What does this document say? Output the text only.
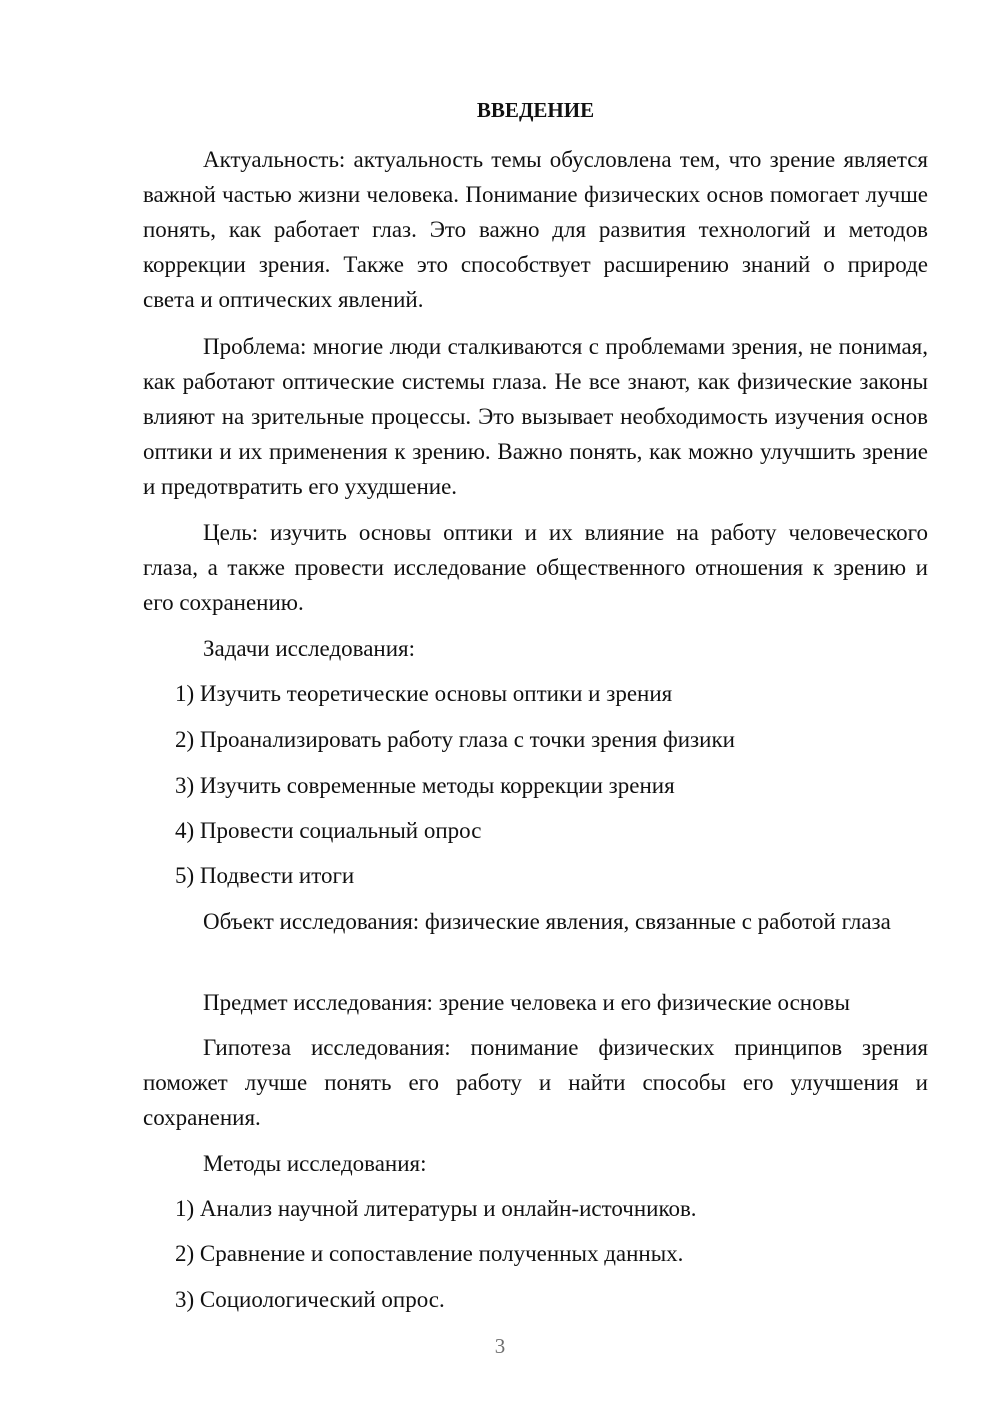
ВВЕДЕНИЕ

Актуальность: актуальность темы обусловлена тем, что зрение является важной частью жизни человека. Понимание физических основ помогает лучше понять, как работает глаз. Это важно для развития технологий и методов коррекции зрения. Также это способствует расширению знаний о природе света и оптических явлений.

Проблема: многие люди сталкиваются с проблемами зрения, не понимая, как работают оптические системы глаза. Не все знают, как физические законы влияют на зрительные процессы. Это вызывает необходимость изучения основ оптики и их применения к зрению. Важно понять, как можно улучшить зрение и предотвратить его ухудшение.

Цель: изучить основы оптики и их влияние на работу человеческого глаза, а также провести исследование общественного отношения к зрению и его сохранению.

Задачи исследования:
1) Изучить теоретические основы оптики и зрения
2) Проанализировать работу глаза с точки зрения физики
3) Изучить современные методы коррекции зрения
4) Провести социальный опрос
5) Подвести итоги

Объект исследования: физические явления, связанные с работой глаза

Предмет исследования: зрение человека и его физические основы

Гипотеза исследования: понимание физических принципов зрения поможет лучше понять его работу и найти способы его улучшения и сохранения.

Методы исследования:
1) Анализ научной литературы и онлайн-источников.
2) Сравнение и сопоставление полученных данных.
3) Социологический опрос.
3
